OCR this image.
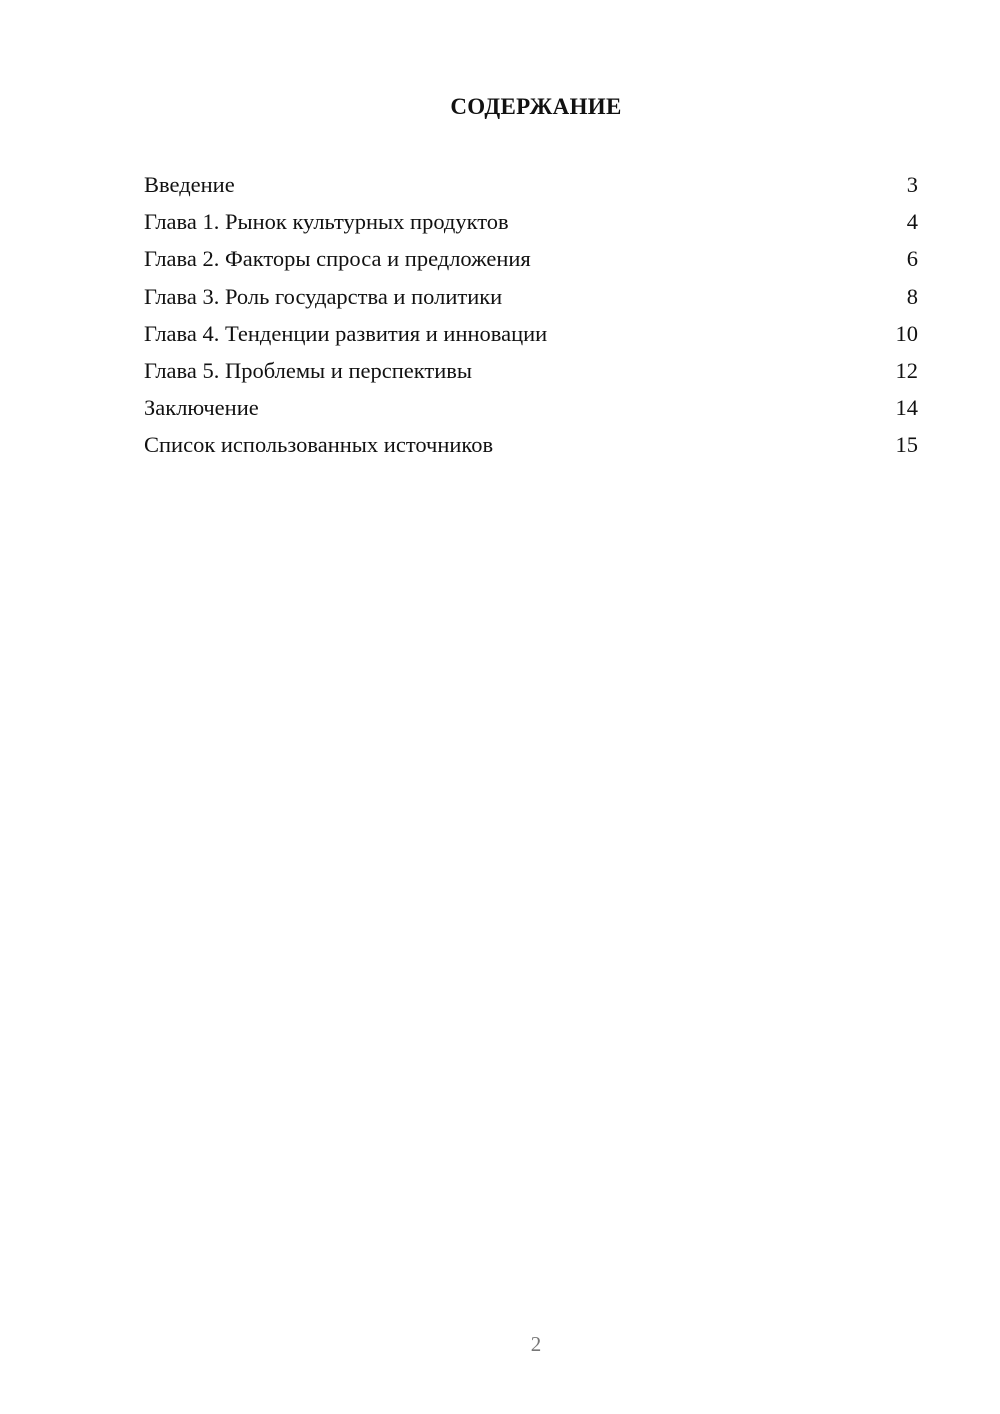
СОДЕРЖАНИЕ
Введение	3
Глава 1. Рынок культурных продуктов	4
Глава 2. Факторы спроса и предложения	6
Глава 3. Роль государства и политики	8
Глава 4. Тенденции развития и инновации	10
Глава 5. Проблемы и перспективы	12
Заключение	14
Список использованных источников	15
2
